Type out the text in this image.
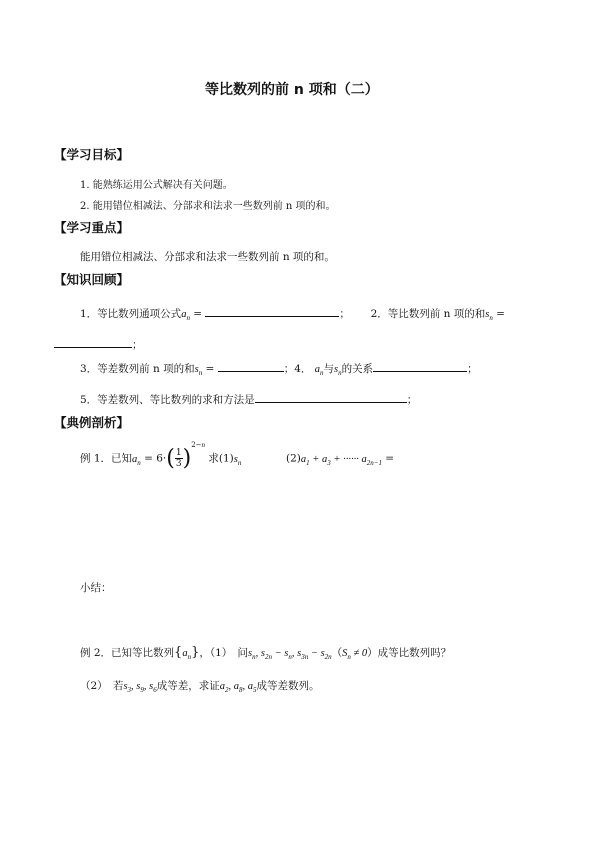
等比数列的前 n 项和（二）
【学习目标】
1. 能熟练运用公式解决有关问题。
2. 能用错位相减法、分部求和法求一些数列前 n 项的和。
【学习重点】
能用错位相减法、分部求和法求一些数列前 n 项的和。
【知识回顾】
1．等比数列通项公式$a_n$ =	； 2．等比数列前 n 项的和$s_n$ =
；
3．等差数列前 n 项的和$s_n$ =	；4． $a_n$与$s_n$的关系	；
5．等差数列、等比数列的求和方法是	；
【典例剖析】
例 1．已知$a_n = 6\cdot( \frac{1}{3} )^{2-n}$ 求$(1)s_n$	$(2)a_1 + a_3$ + ······ $a_{2n-1}$ =
小结：
例 2．已知等比数列$\{a_n\}$，（1）　问$s_n$, $s_{2n} - s_n$, $s_{3n} - s_{2n}(S_n \ne 0)$成等比数列吗？
（2）　若$s_3$, $s_9$, $s_6$成等差，求证$a_2$, $a_8$, $a_5$成等差数列。
